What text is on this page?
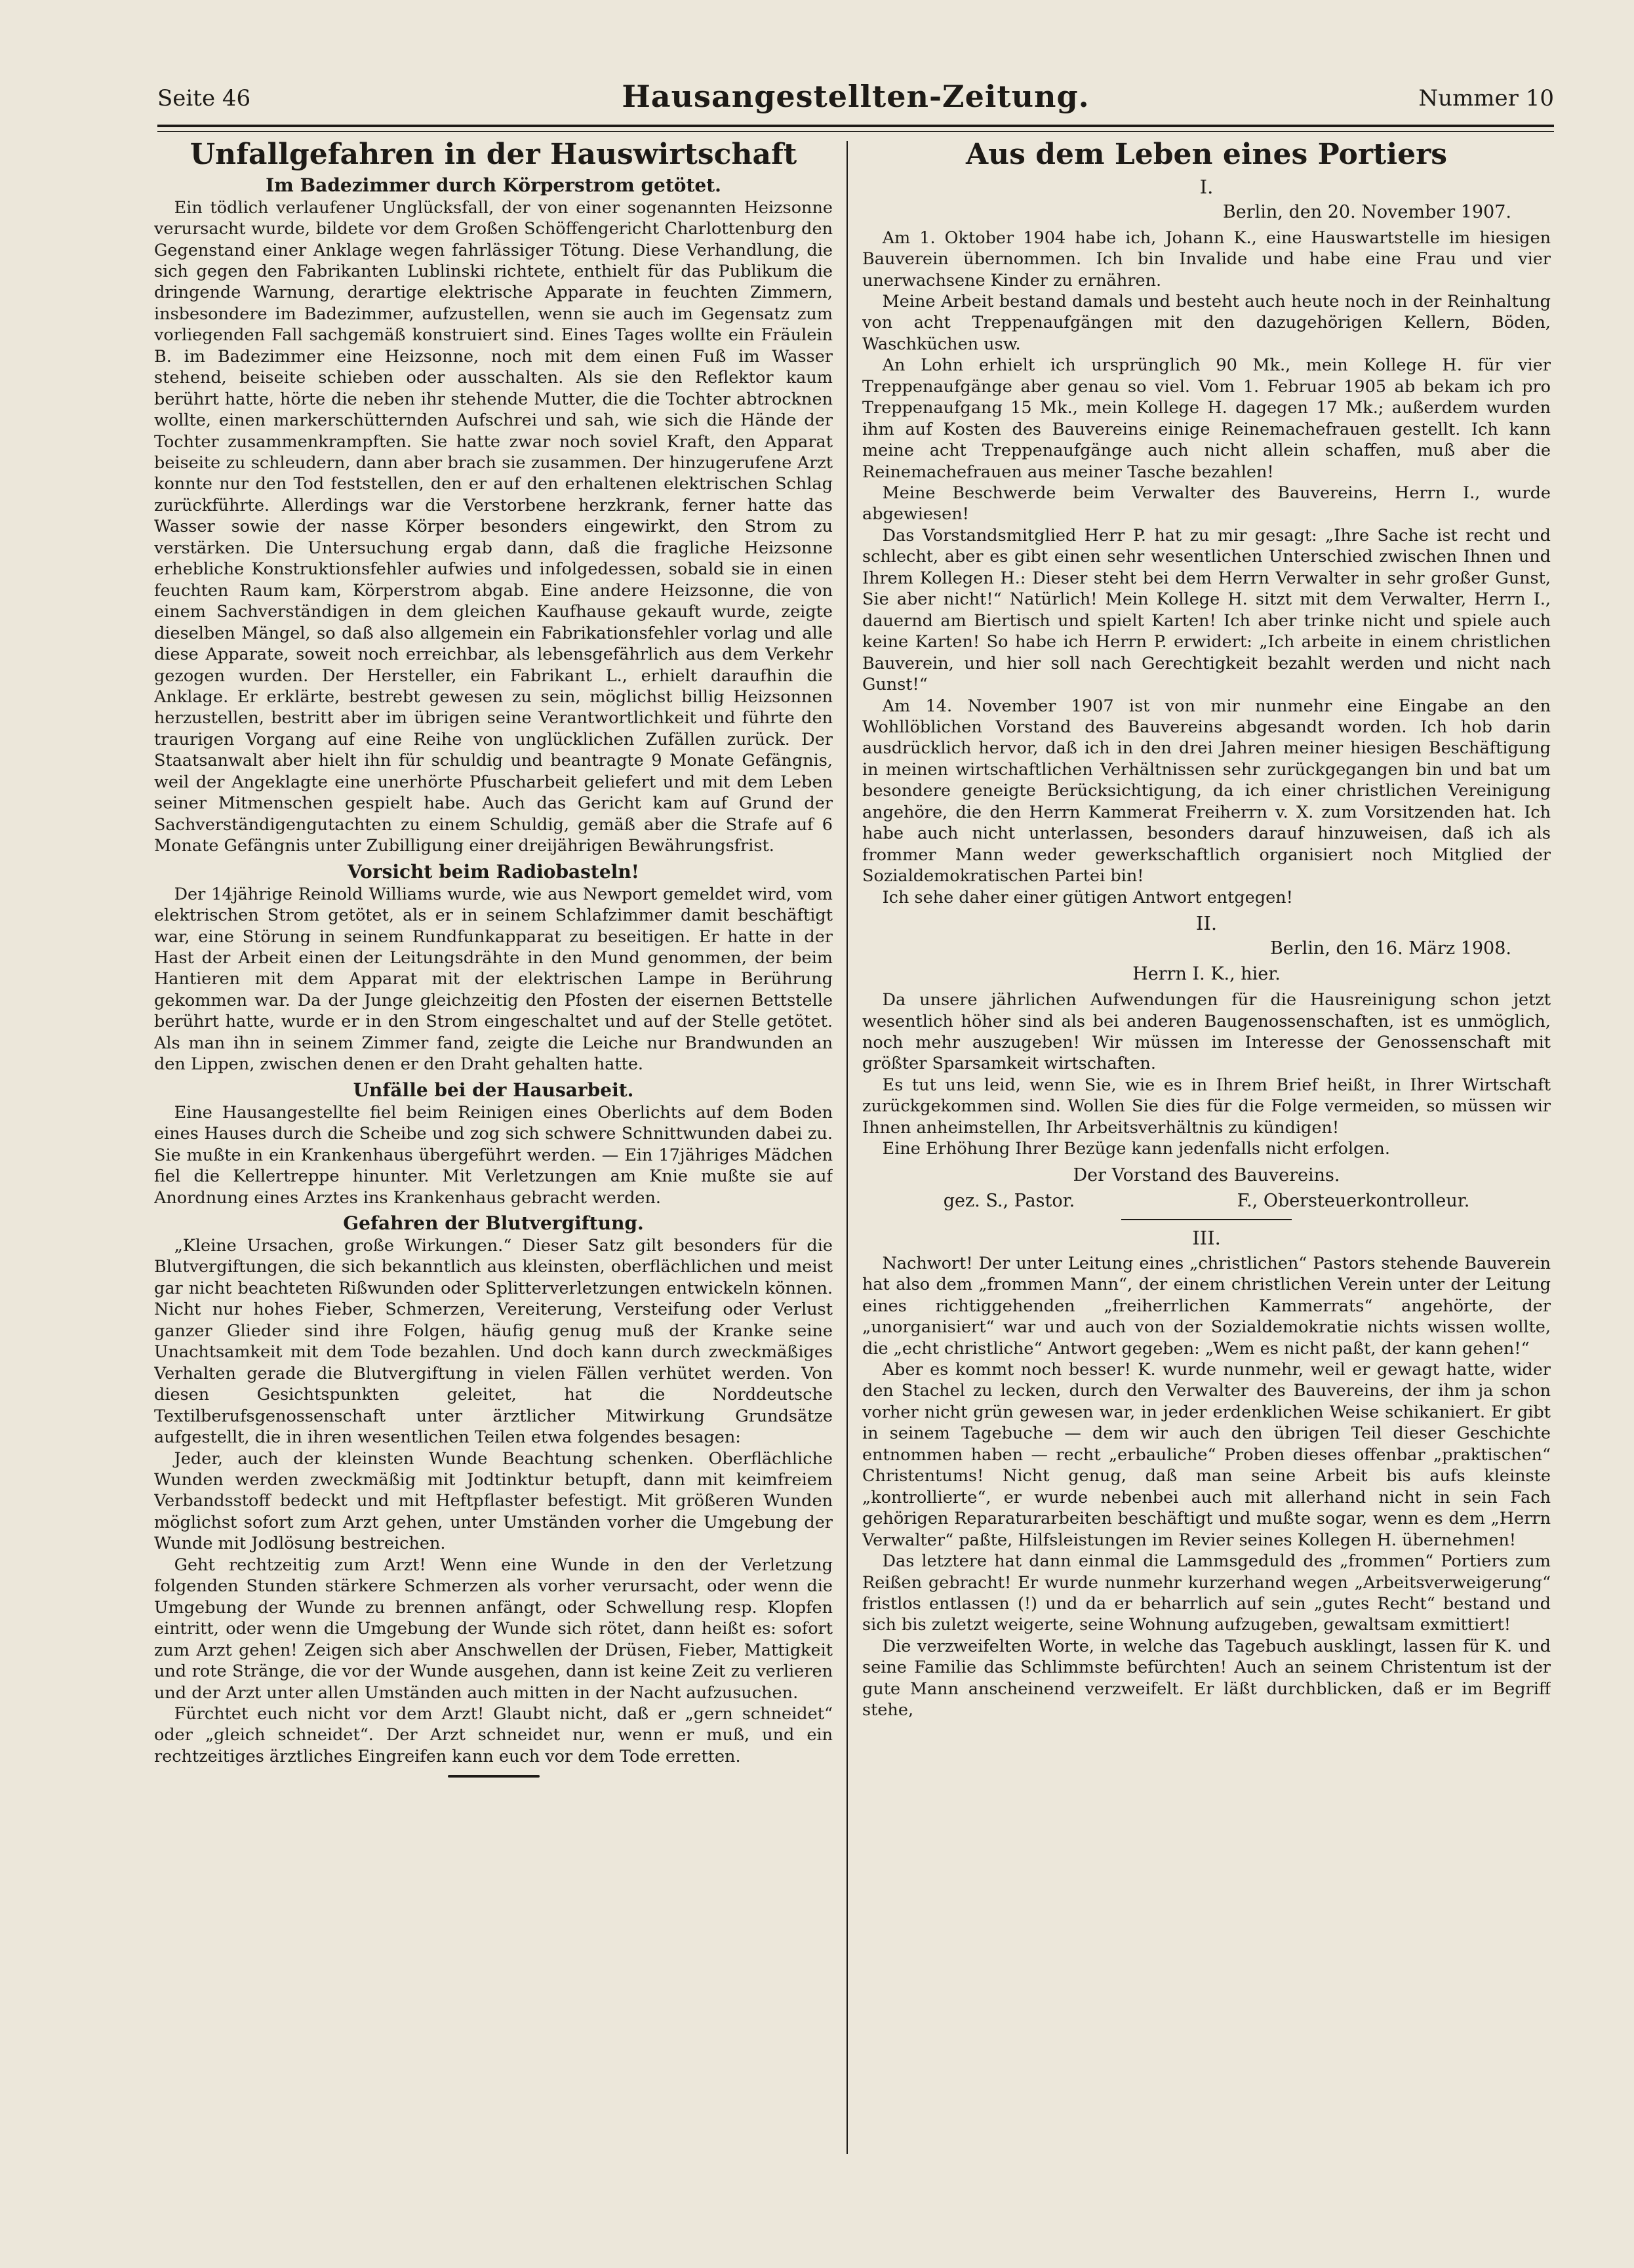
Seite 46	Hausangestellten-Zeitung.	Nummer 10
Unfallgefahren in der Hauswirtschaft
Im Badezimmer durch Körperstrom getötet.

Ein tödlich verlaufener Unglücksfall, der von einer sogenannten Heizsonne verursacht wurde, bildete vor dem Großen Schöffengericht Charlottenburg den Gegenstand einer Anklage wegen fahrlässiger Tötung. Diese Verhandlung, die sich gegen den Fabrikanten Lublinski richtete, enthielt für das Publikum die dringende Warnung, derartige elektrische Apparate in feuchten Zimmern, insbesondere im Badezimmer, aufzustellen, wenn sie auch im Gegensatz zum vorliegenden Fall sachgemäß konstruiert sind. Eines Tages wollte ein Fräulein B. im Badezimmer eine Heizsonne, noch mit dem einen Fuß im Wasser stehend, beiseite schieben oder ausschalten. Als sie den Reflektor kaum berührt hatte, hörte die neben ihr stehende Mutter, die die Tochter abtrocknen wollte, einen markerschütternden Aufschrei und sah, wie sich die Hände der Tochter zusammenkrampften. Sie hatte zwar noch soviel Kraft, den Apparat beiseite zu schleudern, dann aber brach sie zusammen. Der hinzugerufene Arzt konnte nur den Tod feststellen, den er auf den erhaltenen elektrischen Schlag zurückführte. Allerdings war die Verstorbene herzkrank, ferner hatte das Wasser sowie der nasse Körper besonders eingewirkt, den Strom zu verstärken. Die Untersuchung ergab dann, daß die fragliche Heizsonne erhebliche Konstruktionsfehler aufwies und infolgedessen, sobald sie in einen feuchten Raum kam, Körperstrom abgab. Eine andere Heizsonne, die von einem Sachverständigen in dem gleichen Kaufhause gekauft wurde, zeigte dieselben Mängel, so daß also allgemein ein Fabrikationsfehler vorlag und alle diese Apparate, soweit noch erreichbar, als lebensgefährlich aus dem Verkehr gezogen wurden. Der Hersteller, ein Fabrikant L., erhielt daraufhin die Anklage. Er erklärte, bestrebt gewesen zu sein, möglichst billig Heizsonnen herzustellen, bestritt aber im übrigen seine Verantwortlichkeit und führte den traurigen Vorgang auf eine Reihe von unglücklichen Zufällen zurück. Der Staatsanwalt aber hielt ihn für schuldig und beantragte 9 Monate Gefängnis, weil der Angeklagte eine unerhörte Pfuscharbeit geliefert und mit dem Leben seiner Mitmenschen gespielt habe. Auch das Gericht kam auf Grund der Sachverständigengutachten zu einem Schuldig, gemäß aber die Strafe auf 6 Monate Gefängnis unter Zubilligung einer dreijährigen Bewährungsfrist.

Vorsicht beim Radiobasteln!

Der 14jährige Reinold Williams wurde, wie aus Newport gemeldet wird, vom elektrischen Strom getötet, als er in seinem Schlafzimmer damit beschäftigt war, eine Störung in seinem Rundfunkapparat zu beseitigen. Er hatte in der Hast der Arbeit einen der Leitungsdrähte in den Mund genommen, der beim Hantieren mit dem Apparat mit der elektrischen Lampe in Berührung gekommen war. Da der Junge gleichzeitig den Pfosten der eisernen Bettstelle berührt hatte, wurde er in den Strom eingeschaltet und auf der Stelle getötet. Als man ihn in seinem Zimmer fand, zeigte die Leiche nur Brandwunden an den Lippen, zwischen denen er den Draht gehalten hatte.

Unfälle bei der Hausarbeit.

Eine Hausangestellte fiel beim Reinigen eines Oberlichts auf dem Boden eines Hauses durch die Scheibe und zog sich schwere Schnittwunden dabei zu. Sie mußte in ein Krankenhaus übergeführt werden. — Ein 17jähriges Mädchen fiel die Kellertreppe hinunter. Mit Verletzungen am Knie mußte sie auf Anordnung eines Arztes ins Krankenhaus gebracht werden.

Gefahren der Blutvergiftung.

„Kleine Ursachen, große Wirkungen.“ Dieser Satz gilt besonders für die Blutvergiftungen, die sich bekanntlich aus kleinsten, oberflächlichen und meist gar nicht beachteten Rißwunden oder Splitterverletzungen entwickeln können. Nicht nur hohes Fieber, Schmerzen, Vereiterung, Versteifung oder Verlust ganzer Glieder sind ihre Folgen, häufig genug muß der Kranke seine Unachtsamkeit mit dem Tode bezahlen. Und doch kann durch zweckmäßiges Verhalten gerade die Blutvergiftung in vielen Fällen verhütet werden. Von diesen Gesichtspunkten geleitet, hat die Norddeutsche Textilberufsgenossenschaft unter ärztlicher Mitwirkung Grundsätze aufgestellt, die in ihren wesentlichen Teilen etwa folgendes besagen:

Jeder, auch der kleinsten Wunde Beachtung schenken. Oberflächliche Wunden werden zweckmäßig mit Jodtinktur betupft, dann mit keimfreiem Verbandsstoff bedeckt und mit Heftpflaster befestigt. Mit größeren Wunden möglichst sofort zum Arzt gehen, unter Umständen vorher die Umgebung der Wunde mit Jodlösung bestreichen.

Geht rechtzeitig zum Arzt! Wenn eine Wunde in den der Verletzung folgenden Stunden stärkere Schmerzen als vorher verursacht, oder wenn die Umgebung der Wunde zu brennen anfängt, oder Schwellung resp. Klopfen eintritt, oder wenn die Umgebung der Wunde sich rötet, dann heißt es: sofort zum Arzt gehen! Zeigen sich aber Anschwellen der Drüsen, Fieber, Mattigkeit und rote Stränge, die vor der Wunde ausgehen, dann ist keine Zeit zu verlieren und der Arzt unter allen Umständen auch mitten in der Nacht aufzusuchen.

Fürchtet euch nicht vor dem Arzt! Glaubt nicht, daß er „gern schneidet“ oder „gleich schneidet“. Der Arzt schneidet nur, wenn er muß, und ein rechtzeitiges ärztliches Eingreifen kann euch vor dem Tode erretten.

Aus dem Leben eines Portiers
I.
Berlin, den 20. November 1907.

Am 1. Oktober 1904 habe ich, Johann K., eine Hauswartstelle im hiesigen Bauverein übernommen. Ich bin Invalide und habe eine Frau und vier unerwachsene Kinder zu ernähren.

Meine Arbeit bestand damals und besteht auch heute noch in der Reinhaltung von acht Treppenaufgängen mit den dazugehörigen Kellern, Böden, Waschküchen usw.

An Lohn erhielt ich ursprünglich 90 Mk., mein Kollege H. für vier Treppenaufgänge aber genau so viel. Vom 1. Februar 1905 ab bekam ich pro Treppenaufgang 15 Mk., mein Kollege H. dagegen 17 Mk.; außerdem wurden ihm auf Kosten des Bauvereins einige Reinemachefrauen gestellt. Ich kann meine acht Treppenaufgänge auch nicht allein schaffen, muß aber die Reinemachefrauen aus meiner Tasche bezahlen!

Meine Beschwerde beim Verwalter des Bauvereins, Herrn I., wurde abgewiesen!

Das Vorstandsmitglied Herr P. hat zu mir gesagt: „Ihre Sache ist recht und schlecht, aber es gibt einen sehr wesentlichen Unterschied zwischen Ihnen und Ihrem Kollegen H.: Dieser steht bei dem Herrn Verwalter in sehr großer Gunst, Sie aber nicht!“ Natürlich! Mein Kollege H. sitzt mit dem Verwalter, Herrn I., dauernd am Biertisch und spielt Karten! Ich aber trinke nicht und spiele auch keine Karten! So habe ich Herrn P. erwidert: „Ich arbeite in einem christlichen Bauverein, und hier soll nach Gerechtigkeit bezahlt werden und nicht nach Gunst!“

Am 14. November 1907 ist von mir nunmehr eine Eingabe an den Wohllöblichen Vorstand des Bauvereins abgesandt worden. Ich hob darin ausdrücklich hervor, daß ich in den drei Jahren meiner hiesigen Beschäftigung in meinen wirtschaftlichen Verhältnissen sehr zurückgegangen bin und bat um besondere geneigte Berücksichtigung, da ich einer christlichen Vereinigung angehöre, die den Herrn Kammerat Freiherrn v. X. zum Vorsitzenden hat. Ich habe auch nicht unterlassen, besonders darauf hinzuweisen, daß ich als frommer Mann weder gewerkschaftlich organisiert noch Mitglied der Sozialdemokratischen Partei bin!

Ich sehe daher einer gütigen Antwort entgegen!

II.
Berlin, den 16. März 1908.
Herrn I. K., hier.

Da unsere jährlichen Aufwendungen für die Hausreinigung schon jetzt wesentlich höher sind als bei anderen Baugenossenschaften, ist es unmöglich, noch mehr auszugeben! Wir müssen im Interesse der Genossenschaft mit größter Sparsamkeit wirtschaften.

Es tut uns leid, wenn Sie, wie es in Ihrem Brief heißt, in Ihrer Wirtschaft zurückgekommen sind. Wollen Sie dies für die Folge vermeiden, so müssen wir Ihnen anheimstellen, Ihr Arbeitsverhältnis zu kündigen!

Eine Erhöhung Ihrer Bezüge kann jedenfalls nicht erfolgen.

Der Vorstand des Bauvereins.
gez. S., Pastor.	F., Obersteuerkontrolleur.
III.

Nachwort! Der unter Leitung eines „christlichen“ Pastors stehende Bauverein hat also dem „frommen Mann“, der einem christlichen Verein unter der Leitung eines richtiggehenden „freiherrlichen Kammerrats“ angehörte, der „unorganisiert“ war und auch von der Sozialdemokratie nichts wissen wollte, die „echt christliche“ Antwort gegeben: „Wem es nicht paßt, der kann gehen!“

Aber es kommt noch besser! K. wurde nunmehr, weil er gewagt hatte, wider den Stachel zu lecken, durch den Verwalter des Bauvereins, der ihm ja schon vorher nicht grün gewesen war, in jeder erdenklichen Weise schikaniert. Er gibt in seinem Tagebuche — dem wir auch den übrigen Teil dieser Geschichte entnommen haben — recht „erbauliche“ Proben dieses offenbar „praktischen“ Christentums! Nicht genug, daß man seine Arbeit bis aufs kleinste „kontrollierte“, er wurde nebenbei auch mit allerhand nicht in sein Fach gehörigen Reparaturarbeiten beschäftigt und mußte sogar, wenn es dem „Herrn Verwalter“ paßte, Hilfsleistungen im Revier seines Kollegen H. übernehmen!

Das letztere hat dann einmal die Lammsgeduld des „frommen“ Portiers zum Reißen gebracht! Er wurde nunmehr kurzerhand wegen „Arbeitsverweigerung“ fristlos entlassen (!) und da er beharrlich auf sein „gutes Recht“ bestand und sich bis zuletzt weigerte, seine Wohnung aufzugeben, gewaltsam exmittiert!

Die verzweifelten Worte, in welche das Tagebuch ausklingt, lassen für K. und seine Familie das Schlimmste befürchten! Auch an seinem Christentum ist der gute Mann anscheinend verzweifelt. Er läßt durchblicken, daß er im Begriff stehe,
